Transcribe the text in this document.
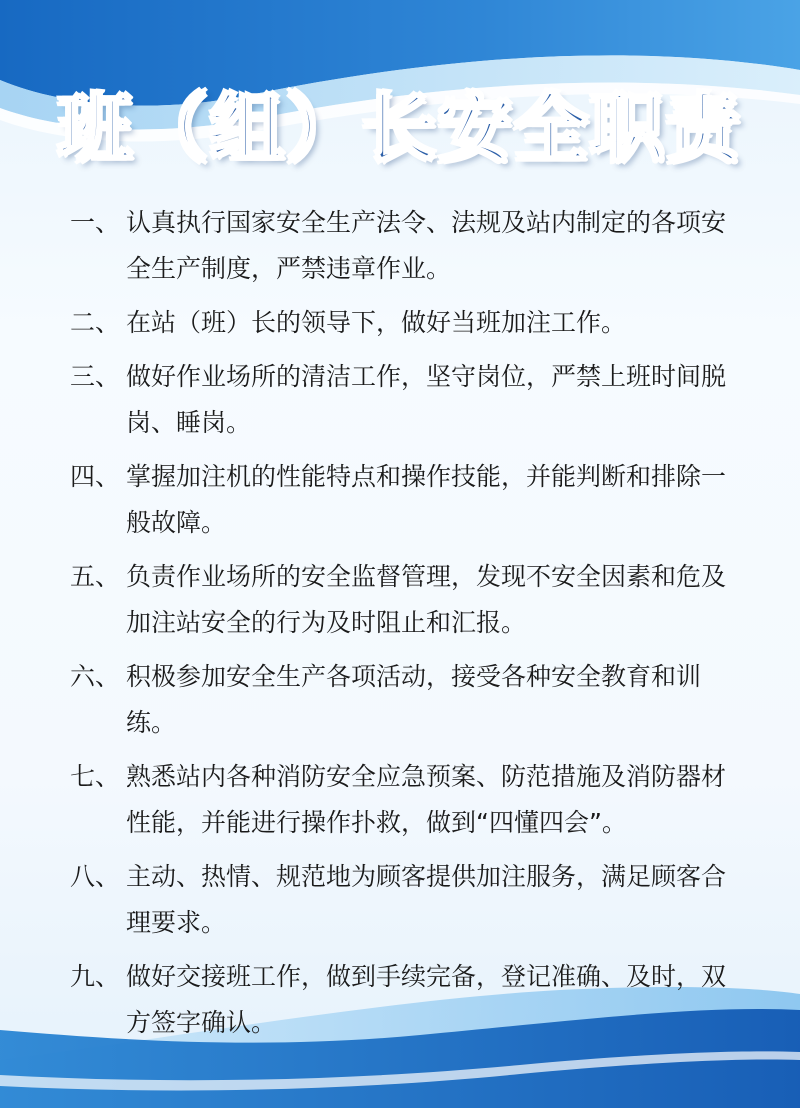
班（组）长安全职责
一、 认真执行国家安全生产法令、法规及站内制定的各项安全生产制度，严禁违章作业。
二、 在站（班）长的领导下，做好当班加注工作。
三、 做好作业场所的清洁工作，坚守岗位，严禁上班时间脱岗、睡岗。
四、 掌握加注机的性能特点和操作技能，并能判断和排除一般故障。
五、 负责作业场所的安全监督管理，发现不安全因素和危及加注站安全的行为及时阻止和汇报。
六、 积极参加安全生产各项活动，接受各种安全教育和训练。
七、 熟悉站内各种消防安全应急预案、防范措施及消防器材性能，并能进行操作扑救，做到“四懂四会”。
八、 主动、热情、规范地为顾客提供加注服务，满足顾客合理要求。
九、 做好交接班工作，做到手续完备，登记准确、及时，双方签字确认。
